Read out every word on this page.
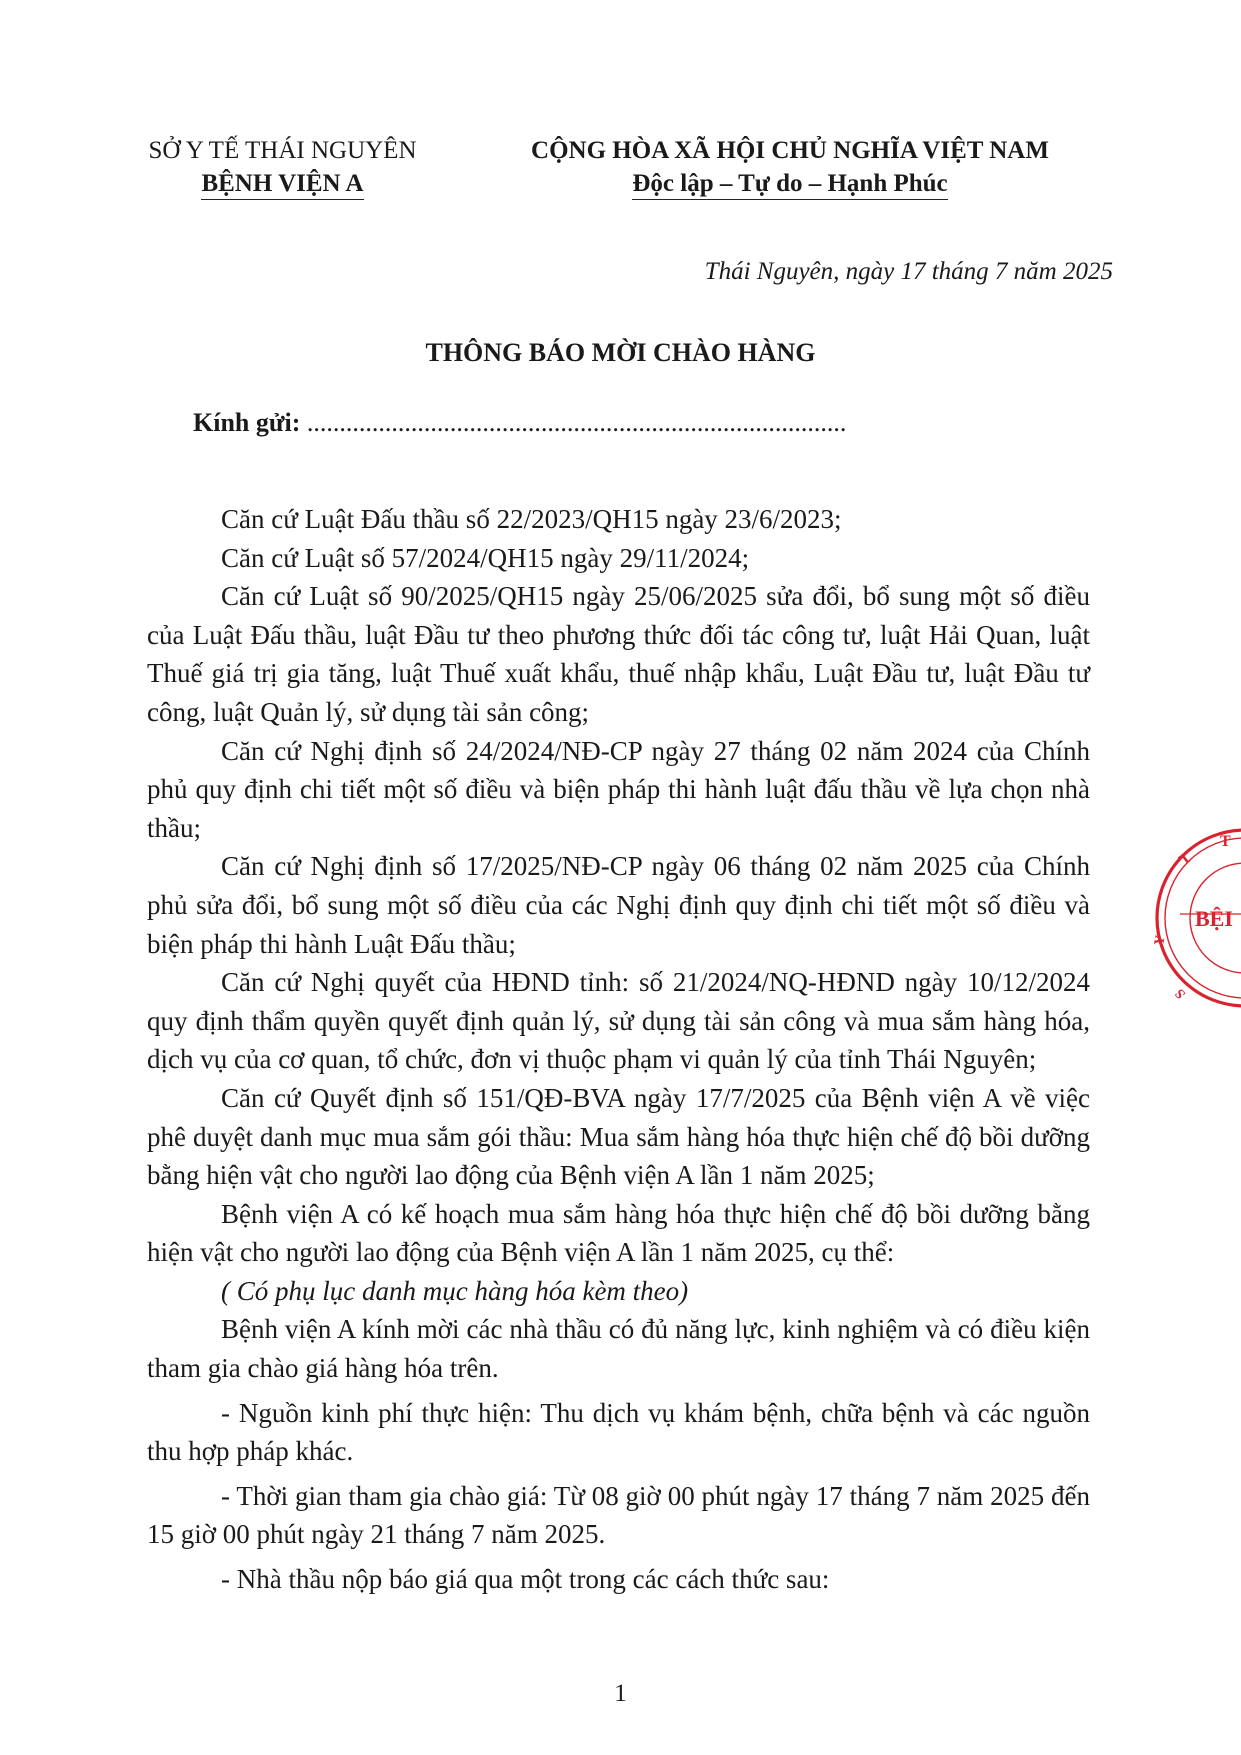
SỞ Y TẾ THÁI NGUYÊN
BỆNH VIỆN A
CỘNG HÒA XÃ HỘI CHỦ NGHĨA VIỆT NAM
Độc lập – Tự do – Hạnh Phúc
Thái Nguyên, ngày 17 tháng 7 năm 2025
THÔNG BÁO MỜI CHÀO HÀNG
Kính gửi: ...................................................................................

Căn cứ Luật Đấu thầu số 22/2023/QH15 ngày 23/6/2023;

Căn cứ Luật số 57/2024/QH15 ngày 29/11/2024;

Căn cứ Luật số 90/2025/QH15 ngày 25/06/2025 sửa đổi, bổ sung một số điều của Luật Đấu thầu, luật Đầu tư theo phương thức đối tác công tư, luật Hải Quan, luật Thuế giá trị gia tăng, luật Thuế xuất khẩu, thuế nhập khẩu, Luật Đầu tư, luật Đầu tư công, luật Quản lý, sử dụng tài sản công;

Căn cứ Nghị định số 24/2024/NĐ-CP ngày 27 tháng 02 năm 2024 của Chính phủ quy định chi tiết một số điều và biện pháp thi hành luật đấu thầu về lựa chọn nhà thầu;

Căn cứ Nghị định số 17/2025/NĐ-CP ngày 06 tháng 02 năm 2025 của Chính phủ sửa đổi, bổ sung một số điều của các Nghị định quy định chi tiết một số điều và biện pháp thi hành Luật Đấu thầu;

Căn cứ Nghị quyết của HĐND tỉnh: số 21/2024/NQ-HĐND ngày 10/12/2024 quy định thẩm quyền quyết định quản lý, sử dụng tài sản công và mua sắm hàng hóa, dịch vụ của cơ quan, tổ chức, đơn vị thuộc phạm vi quản lý của tỉnh Thái Nguyên;

Căn cứ Quyết định số 151/QĐ-BVA ngày 17/7/2025 của Bệnh viện A về việc phê duyệt danh mục mua sắm gói thầu: Mua sắm hàng hóa thực hiện chế độ bồi dưỡng bằng hiện vật cho người lao động của Bệnh viện A lần 1 năm 2025;

Bệnh viện A có kế hoạch mua sắm hàng hóa thực hiện chế độ bồi dưỡng bằng hiện vật cho người lao động của Bệnh viện A lần 1 năm 2025, cụ thể:

( Có phụ lục danh mục hàng hóa kèm theo)

Bệnh viện A kính mời các nhà thầu có đủ năng lực, kinh nghiệm và có điều kiện tham gia chào giá hàng hóa trên.

- Nguồn kinh phí thực hiện: Thu dịch vụ khám bệnh, chữa bệnh và các nguồn thu hợp pháp khác.

- Thời gian tham gia chào giá: Từ 08 giờ 00 phút ngày 17 tháng 7 năm 2025 đến 15 giờ 00 phút ngày 21 tháng 7 năm 2025.

- Nhà thầu nộp báo giá qua một trong các cách thức sau:

1
T
T
Y
S
BỆI
